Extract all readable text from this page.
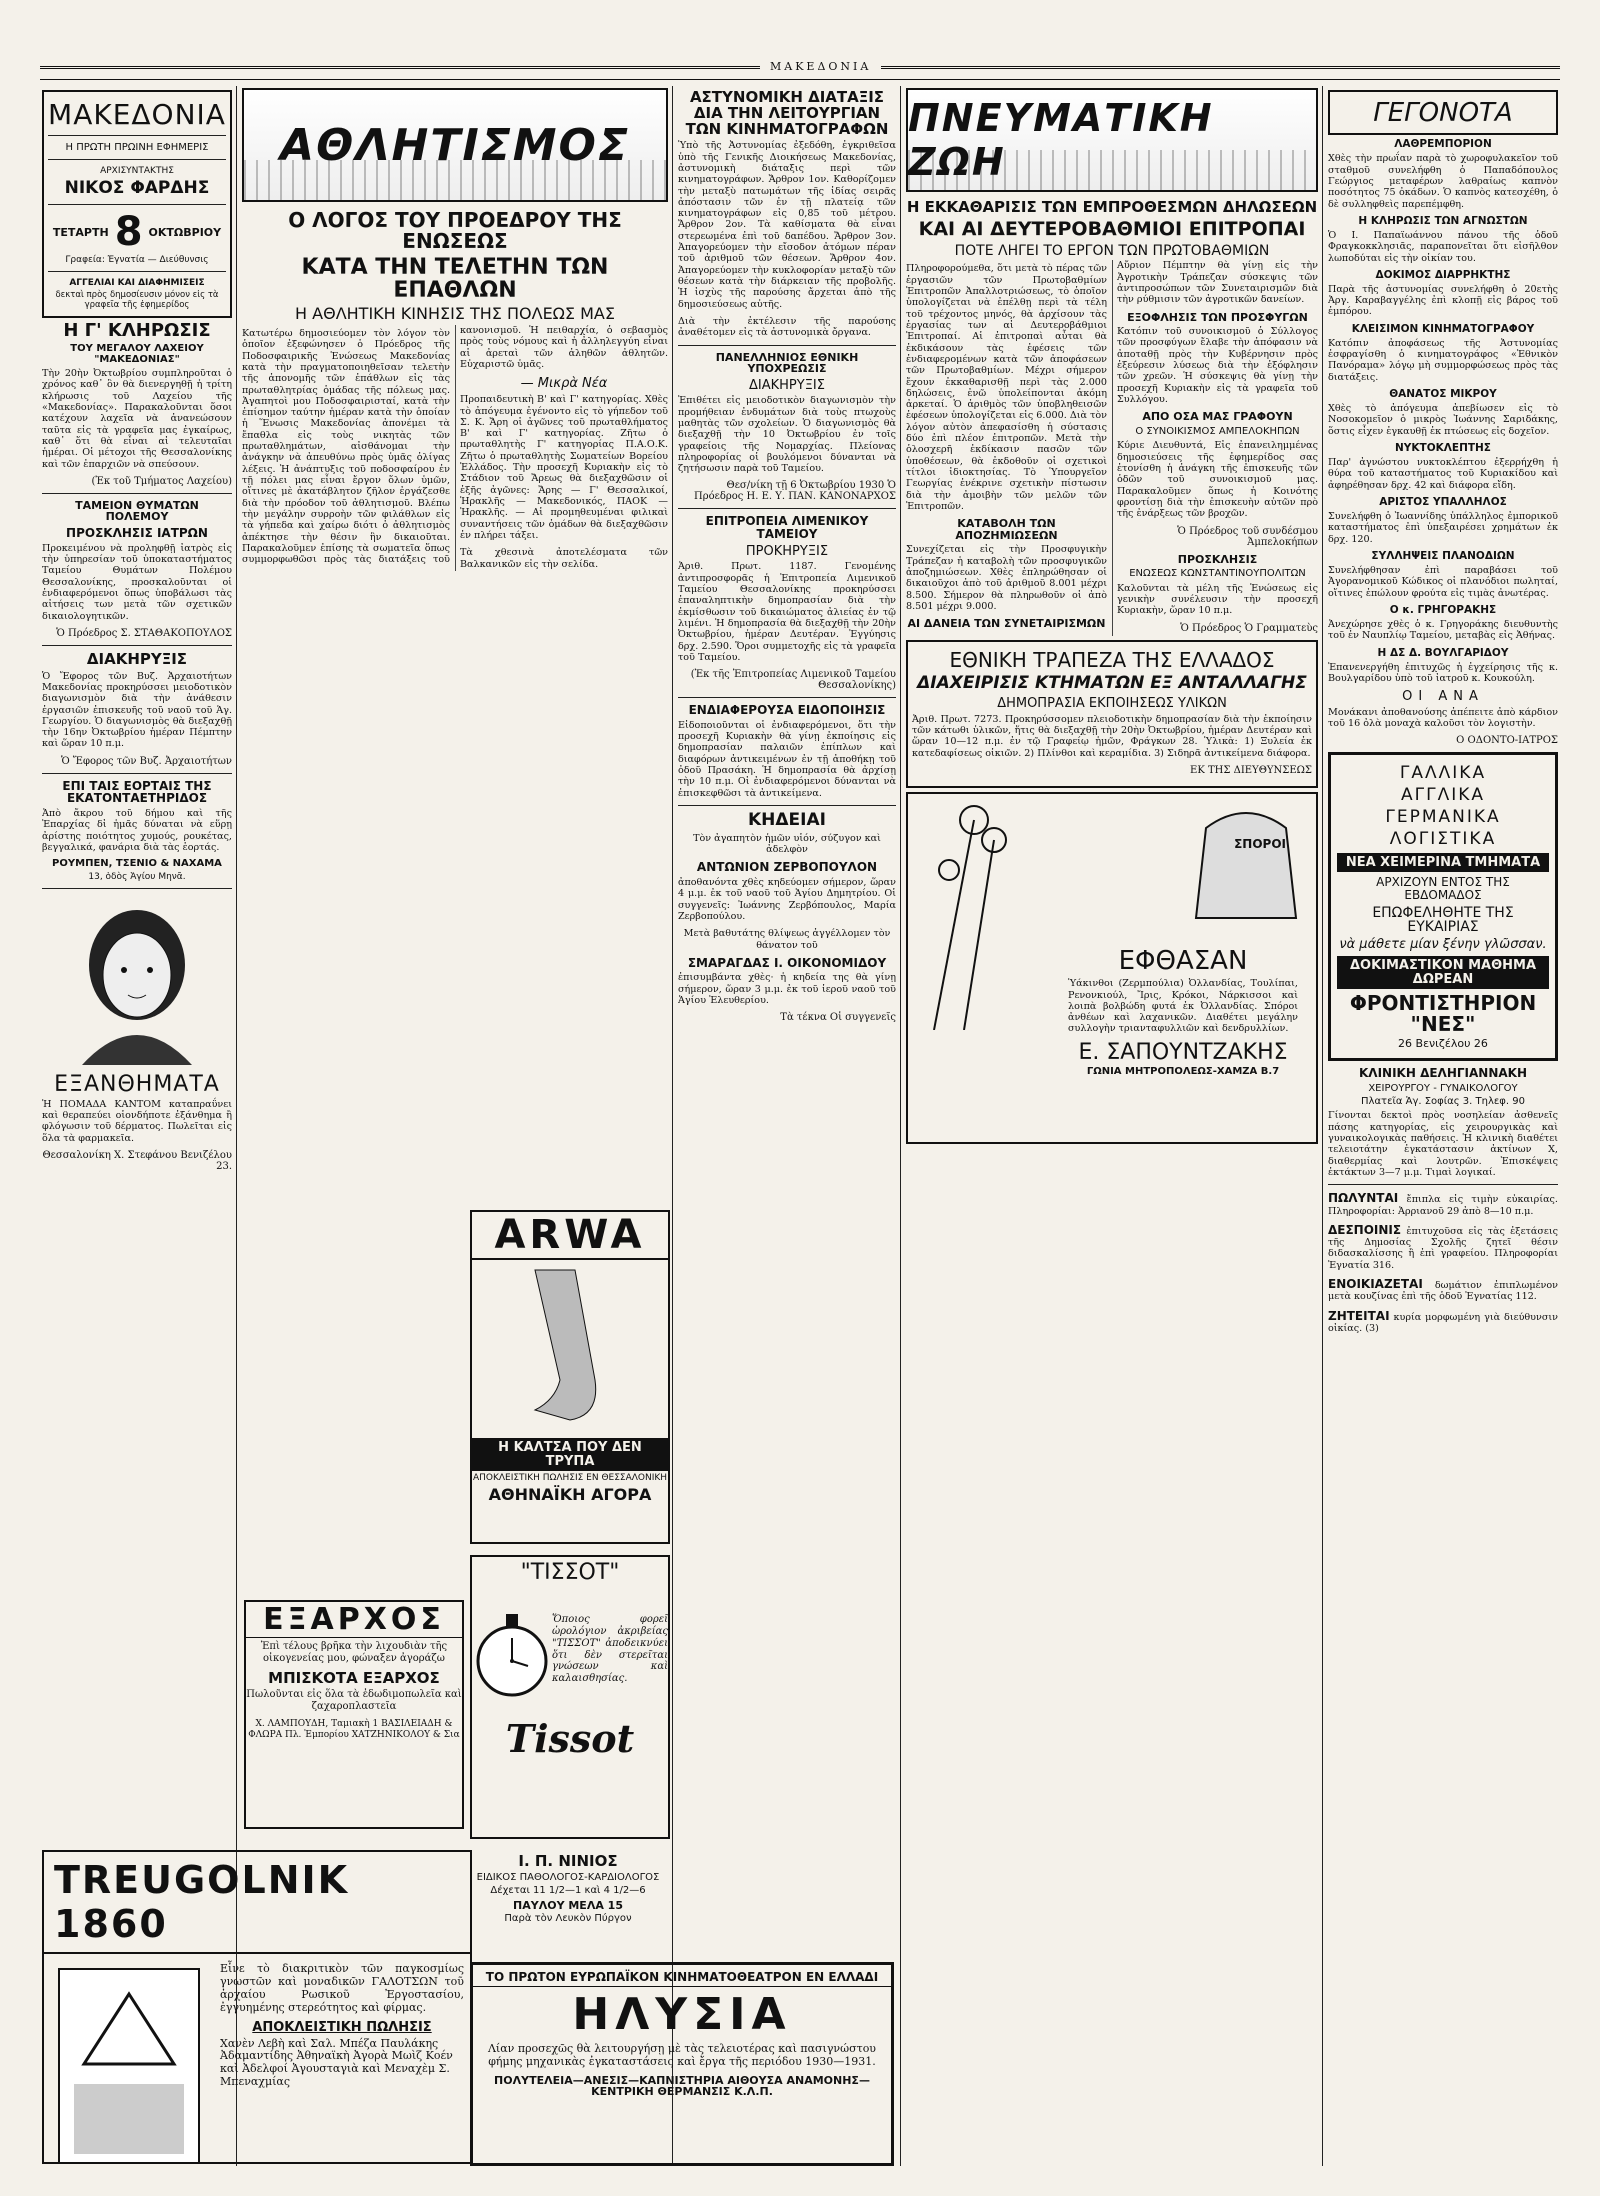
ΜΑΚΕΔΟΝΙΑ
ΜΑΚΕΔΟΝΙΑ
Η ΠΡΩΤΗ ΠΡΩΙΝΗ ΕΦΗΜΕΡΙΣ
ΑΡΧΙΣΥΝΤΑΚΤΗΣ
ΝΙΚΟΣ ΦΑΡΔΗΣ
ΤΕΤΑΡΤΗ 8 ΟΚΤΩΒΡΙΟΥ
Γραφεία: Ἐγνατία — Διεύθυνσις
ΑΓΓΕΛΙΑΙ ΚΑΙ ΔΙΑΦΗΜΙΣΕΙΣ
δεκταὶ πρὸς δημοσίευσιν μόνον εἰς τὰ γραφεῖα τῆς ἐφημερίδος
Η Γ' ΚΛΗΡΩΣΙΣ
ΤΟΥ ΜΕΓΑΛΟΥ ΛΑΧΕΙΟΥ "ΜΑΚΕΔΟΝΙΑΣ"
Τὴν 20ὴν Ὀκτωβρίου συμπληροῦται ὁ χρόνος καθ᾽ ὃν θὰ διενεργηθῇ ἡ τρίτη κλήρωσις τοῦ Λαχείου τῆς «Μακεδονίας». Παρακαλοῦνται ὅσοι κατέχουν λαχεῖα νὰ ἀνανεώσουν ταῦτα εἰς τὰ γραφεῖα μας ἐγκαίρως, καθ᾽ ὅτι θὰ εἶναι αἱ τελευταῖαι ἡμέραι. Οἱ μέτοχοι τῆς Θεσσαλονίκης καὶ τῶν ἐπαρχιῶν νὰ σπεύσουν.
(Ἐκ τοῦ Τμήματος Λαχείου)
ΤΑΜΕΙΟΝ ΘΥΜΑΤΩΝ ΠΟΛΕΜΟΥ
ΠΡΟΣΚΛΗΣΙΣ ΙΑΤΡΩΝ
Προκειμένου νὰ προληφθῇ ἰατρὸς εἰς τὴν ὑπηρεσίαν τοῦ ὑποκαταστήματος Ταμείου Θυμάτων Πολέμου Θεσσαλονίκης, προσκαλοῦνται οἱ ἐνδιαφερόμενοι ὅπως ὑποβάλωσι τὰς αἰτήσεις των μετὰ τῶν σχετικῶν δικαιολογητικῶν.
Ὁ Πρόεδρος Σ. ΣΤΑΘΑΚΟΠΟΥΛΟΣ
ΔΙΑΚΗΡΥΞΙΣ
Ὁ Ἔφορος τῶν Βυζ. Ἀρχαιοτήτων Μακεδονίας προκηρύσσει μειοδοτικὸν διαγωνισμὸν διὰ τὴν ἀνάθεσιν ἐργασιῶν ἐπισκευῆς τοῦ ναοῦ τοῦ Ἁγ. Γεωργίου. Ὁ διαγωνισμὸς θὰ διεξαχθῇ τὴν 16ην Ὀκτωβρίου ἡμέραν Πέμπτην καὶ ὥραν 10 π.μ.
Ὁ Ἔφορος τῶν Βυζ. Ἀρχαιοτήτων
ΕΠΙ ΤΑΙΣ ΕΟΡΤΑΙΣ ΤΗΣ ΕΚΑΤΟΝΤΑΕΤΗΡΙΔΟΣ
Ἀπὸ ἄκρου τοῦ δήμου καὶ τῆς Ἐπαρχίας δἰ ἡμᾶς δύναται νὰ εὕρῃ ἀρίστης ποιότητος χυμούς, ρουκέτας, βεγγαλικά, φανάρια διὰ τὰς ἑορτάς.
ΡΟΥΜΠΕΝ, ΤΣΕΝΙΟ & ΝΑΧΑΜΑ
13, ὁδὸς Ἁγίου Μηνᾶ.
ΕΞΑΝΘΗΜΑΤΑ
Ἡ ΠΟΜΑΔΑ ΚΑΝΤΟΜ καταπραΰνει καὶ θεραπεύει οἱονδήποτε ἐξάνθημα ἢ φλόγωσιν τοῦ δέρματος. Πωλεῖται εἰς ὅλα τὰ φαρμακεῖα.
Θεσσαλονίκη Χ. Στεφάνου Βενιζέλου 23.
TREUGOLNIK 1860
Εἶνε τὸ διακριτικὸν τῶν παγκοσμίως γνωστῶν καὶ μοναδικῶν ΓΑΛΟΤΣΩΝ τοῦ ἀρχαίου Ρωσικοῦ Ἐργοστασίου, ἐγγυημένης στερεότητος καὶ φίρμας.
ΑΠΟΚΛΕΙΣΤΙΚΗ ΠΩΛΗΣΙΣ
Χανὲν Λεβὴ καὶ Σαλ. Μπέζα Παυλάκης Ἀδαμαντίδης Ἀθηναϊκὴ Ἀγορὰ Μωὶζ Κοέν καὶ Ἀδελφοί Ἀγουσταγιὰ καὶ Μεναχὲμ Σ. Μπεναχμίας
ΑΘΛΗΤΙΣΜΟΣ
Ο ΛΟΓΟΣ ΤΟΥ ΠΡΟΕΔΡΟΥ ΤΗΣ ΕΝΩΣΕΩΣ
ΚΑΤΑ ΤΗΝ ΤΕΛΕΤΗΝ ΤΩΝ ΕΠΑΘΛΩΝ
Η ΑΘΛΗΤΙΚΗ ΚΙΝΗΣΙΣ ΤΗΣ ΠΟΛΕΩΣ ΜΑΣ
Κατωτέρω δημοσιεύομεν τὸν λόγον τὸν ὁποῖον ἐξεφώνησεν ὁ Πρόεδρος τῆς Ποδοσφαιρικῆς Ἑνώσεως Μακεδονίας κατὰ τὴν πραγματοποιηθεῖσαν τελετὴν τῆς ἀπονομῆς τῶν ἐπάθλων εἰς τὰς πρωταθλητρίας ὁμάδας τῆς πόλεως μας. Ἀγαπητοὶ μου Ποδοσφαιρισταί, κατὰ τὴν ἐπίσημον ταύτην ἡμέραν κατὰ τὴν ὁποίαν ἡ Ἕνωσις Μακεδονίας ἀπονέμει τὰ ἔπαθλα εἰς τοὺς νικητὰς τῶν πρωταθλημάτων, αἰσθάνομαι τὴν ἀνάγκην νὰ ἀπευθύνω πρὸς ὑμᾶς ὀλίγας λέξεις. Ἡ ἀνάπτυξις τοῦ ποδοσφαίρου ἐν τῇ πόλει μας εἶναι ἔργον ὅλων ὑμῶν, οἵτινες μὲ ἀκατάβλητον ζῆλον ἐργάζεσθε διὰ τὴν πρόοδον τοῦ ἀθλητισμοῦ. Βλέπω τὴν μεγάλην συρροὴν τῶν φιλάθλων εἰς τὰ γήπεδα καὶ χαίρω διότι ὁ ἀθλητισμὸς ἀπέκτησε τὴν θέσιν ἣν δικαιοῦται. Παρακαλοῦμεν ἐπίσης τὰ σωματεῖα ὅπως συμμορφωθῶσι πρὸς τὰς διατάξεις τοῦ κανονισμοῦ. Ἡ πειθαρχία, ὁ σεβασμὸς πρὸς τοὺς νόμους καὶ ἡ ἀλληλεγγύη εἶναι αἱ ἀρεταὶ τῶν ἀληθῶν ἀθλητῶν. Εὐχαριστῶ ὑμᾶς.
— Μικρὰ Νέα
Προπαιδευτικὴ Β' καὶ Γ' κατηγορίας. Χθὲς τὸ ἀπόγευμα ἐγένοντο εἰς τὸ γήπεδον τοῦ Σ. Κ. Ἄρη οἱ ἀγῶνες τοῦ πρωταθλήματος Β' καὶ Γ' κατηγορίας. Ζῆτω ὁ πρωταθλητὴς Γ' κατηγορίας Π.Α.Ο.Κ. Ζῆτω ὁ πρωταθλητὴς Σωματείων Βορείου Ἑλλάδος. Τὴν προσεχῆ Κυριακὴν εἰς τὸ Στάδιον τοῦ Ἄρεως θὰ διεξαχθῶσιν οἱ ἑξῆς ἀγῶνες: Ἄρης — Γ' Θεσσαλικοί, Ἡρακλῆς — Μακεδονικός, ΠΑΟΚ — Ἠρακλῆς. — Αἱ προμηθευμέναι φιλικαὶ συναντήσεις τῶν ὁμάδων θὰ διεξαχθῶσιν ἐν πλήρει τάξει.
Τὰ χθεσινὰ ἀποτελέσματα τῶν Βαλκανικῶν εἰς τὴν σελίδα.
ARWA
Η ΚΑΛΤΣΑ ΠΟΥ ΔΕΝ ΤΡΥΠΑ
ΑΠΟΚΛΕΙΣΤΙΚΗ ΠΩΛΗΣΙΣ ΕΝ ΘΕΣΣΑΛΟΝΙΚΗ
ΑΘΗΝΑΪΚΗ ΑΓΟΡΑ
ΕΞΑΡΧΟΣ
Ἐπὶ τέλους βρῆκα τὴν λιχουδιὰν τῆς οἰκογενείας μου, φώναξεν ἀγοράζω
ΜΠΙΣΚΟΤΑ ΕΞΑΡΧΟΣ
Πωλοῦνται εἰς ὅλα τὰ ἐδωδιμοπωλεῖα καὶ ζαχαροπλαστεῖα
Χ. ΛΑΜΠΟΥΔΗ, Ταμιακὴ 1 ΒΑΣΙΛΕΙΑΔΗ & ΦΛΩΡΑ Πλ. Ἐμπορίου ΧΑΤΖΗΝΙΚΟΛΟΥ & Σια
"ΤΙΣΣΟΤ"
Ὅποιος φορεῖ ὡρολόγιον ἀκριβείας "ΤΙΣΣΟΤ" ἀποδεικνύει ὅτι δὲν στερεῖται γνώσεων καὶ καλαισθησίας.
Tissot
Ι. Π. ΝΙΝΙΟΣ
ΕΙΔΙΚΟΣ ΠΑΘΟΛΟΓΟΣ-ΚΑΡΔΙΟΛΟΓΟΣ
Δέχεται 11 1/2—1 καὶ 4 1/2—6
ΠΑΥΛΟΥ ΜΕΛΑ 15
Παρὰ τὸν Λευκὸν Πύργον
ΤΟ ΠΡΩΤΟΝ ΕΥΡΩΠΑΪΚΟΝ ΚΙΝΗΜΑΤΟΘΕΑΤΡΟΝ ΕΝ ΕΛΛΑΔΙ
ΗΛΥΣΙΑ
Λίαν προσεχῶς θὰ λειτουργήσῃ μὲ τὰς τελειοτέρας καὶ πασιγνώστου φήμης μηχανικὰς ἐγκαταστάσεις καὶ ἔργα τῆς περιόδου 1930—1931.
ΠΟΛΥΤΕΛΕΙΑ—ΑΝΕΣΙΣ—ΚΑΠΝΙΣΤΗΡΙΑ ΑΙΘΟΥΣΑ ΑΝΑΜΟΝΗΣ—ΚΕΝΤΡΙΚΗ ΘΕΡΜΑΝΣΙΣ Κ.Λ.Π.
ΑΣΤΥΝΟΜΙΚΗ ΔΙΑΤΑΞΙΣ ΔΙΑ ΤΗΝ ΛΕΙΤΟΥΡΓΙΑΝ ΤΩΝ ΚΙΝΗΜΑΤΟΓΡΑΦΩΝ
Ὑπὸ τῆς Ἀστυνομίας ἐξεδόθη, ἐγκριθεῖσα ὑπὸ τῆς Γενικῆς Διοικήσεως Μακεδονίας, ἀστυνομικὴ διάταξις περὶ τῶν κινηματογράφων. Ἄρθρον 1ον. Καθορίζομεν τὴν μεταξὺ πατωμάτων τῆς ἰδίας σειρᾶς ἀπόστασιν τῶν ἐν τῇ πλατείᾳ τῶν κινηματογράφων εἰς 0,85 τοῦ μέτρου. Ἄρθρον 2ον. Τὰ καθίσματα θὰ εἶναι στερεωμένα ἐπὶ τοῦ δαπέδου. Ἄρθρον 3ον. Ἀπαγορεύομεν τὴν εἴσοδον ἀτόμων πέραν τοῦ ἀριθμοῦ τῶν θέσεων. Ἄρθρον 4ον. Ἀπαγορεύομεν τὴν κυκλοφορίαν μεταξὺ τῶν θέσεων κατὰ τὴν διάρκειαν τῆς προβολῆς. Ἡ ἰσχὺς τῆς παρούσης ἄρχεται ἀπὸ τῆς δημοσιεύσεως αὐτῆς.
Διὰ τὴν ἐκτέλεσιν τῆς παρούσης ἀναθέτομεν εἰς τὰ ἀστυνομικὰ ὄργανα.
ΠΑΝΕΛΛΗΝΙΟΣ ΕΘΝΙΚΗ ΥΠΟΧΡΕΩΣΙΣ
ΔΙΑΚΗΡΥΞΙΣ
Ἐπιθέτει εἰς μειοδοτικὸν διαγωνισμὸν τὴν προμήθειαν ἐνδυμάτων διὰ τοὺς πτωχοὺς μαθητὰς τῶν σχολείων. Ὁ διαγωνισμὸς θὰ διεξαχθῇ τὴν 10 Ὀκτωβρίου ἐν τοῖς γραφείοις τῆς Νομαρχίας. Πλείονας πληροφορίας οἱ βουλόμενοι δύνανται νὰ ζητήσωσιν παρὰ τοῦ Ταμείου.
Θεσ/νίκη τῇ 6 Ὀκτωβρίου 1930 Ὁ Πρόεδρος Η. Ε. Υ. ΠΑΝ. ΚΑΝΟΝΑΡΧΟΣ
ΕΠΙΤΡΟΠΕΙΑ ΛΙΜΕΝΙΚΟΥ ΤΑΜΕΙΟΥ
ΠΡΟΚΗΡΥΞΙΣ
Ἀριθ. Πρωτ. 1187. Γενομένης ἀντιπροσφορᾶς ἡ Ἐπιτροπεία Λιμενικοῦ Ταμείου Θεσσαλονίκης προκηρύσσει ἐπαναληπτικὴν δημοπρασίαν διὰ τὴν ἐκμίσθωσιν τοῦ δικαιώματος ἀλιείας ἐν τῷ λιμένι. Ἡ δημοπρασία θὰ διεξαχθῇ τὴν 20ὴν Ὀκτωβρίου, ἡμέραν Δευτέραν. Ἐγγύησις δρχ. 2.590. Ὅροι συμμετοχῆς εἰς τὰ γραφεῖα τοῦ Ταμείου.
(Ἐκ τῆς Ἐπιτροπείας Λιμενικοῦ Ταμείου Θεσσαλονίκης)
ΕΝΔΙΑΦΕΡΟΥΣΑ ΕΙΔΟΠΟΙΗΣΙΣ
Εἰδοποιοῦνται οἱ ἐνδιαφερόμενοι, ὅτι τὴν προσεχῆ Κυριακὴν θὰ γίνῃ ἐκποίησις εἰς δημοπρασίαν παλαιῶν ἐπίπλων καὶ διαφόρων ἀντικειμένων ἐν τῇ ἀποθήκῃ τοῦ ὀδοῦ Πρασάκη. Ἡ δημοπρασία θὰ ἀρχίσῃ τὴν 10 π.μ. Οἱ ἐνδιαφερόμενοι δύνανται νὰ ἐπισκεφθῶσι τὰ ἀντικείμενα.
ΚΗΔΕΙΑΙ
Τὸν ἀγαπητὸν ἡμῶν υἱόν, σύζυγον καὶ ἀδελφὸν
ΑΝΤΩΝΙΟΝ ΖΕΡΒΟΠΟΥΛΟΝ
ἀποθανόντα χθὲς κηδεύομεν σήμερον, ὥραν 4 μ.μ. ἐκ τοῦ ναοῦ τοῦ Ἁγίου Δημητρίου. Οἱ συγγενεῖς: Ἰωάννης Ζερβόπουλος, Μαρία Ζερβοπούλου.
Μετὰ βαθυτάτης θλίψεως ἀγγέλλομεν τὸν θάνατον τοῦ
ΣΜΑΡΑΓΔΑΣ Ι. ΟΙΚΟΝΟΜΙΔΟΥ
ἐπισυμβάντα χθὲς· ἡ κηδεία της θὰ γίνῃ σήμερον, ὥραν 3 μ.μ. ἐκ τοῦ ἱεροῦ ναοῦ τοῦ Ἁγίου Ἐλευθερίου.
Τὰ τέκνα Οἱ συγγενεῖς
ΠΝΕΥΜΑΤΙΚΗ ΖΩΗ
Η ΕΚΚΑΘΑΡΙΣΙΣ ΤΩΝ ΕΜΠΡΟΘΕΣΜΩΝ ΔΗΛΩΣΕΩΝ
ΚΑΙ ΑΙ ΔΕΥΤΕΡΟΒΑΘΜΙΟΙ ΕΠΙΤΡΟΠΑΙ
ΠΟΤΕ ΛΗΓΕΙ ΤΟ ΕΡΓΟΝ ΤΩΝ ΠΡΩΤΟΒΑΘΜΙΩΝ
Πληροφορούμεθα, ὅτι μετὰ τὸ πέρας τῶν ἐργασιῶν τῶν Πρωτοβαθμίων Ἐπιτροπῶν Ἀπαλλοτριώσεως, τὸ ὁποῖον ὑπολογίζεται νὰ ἐπέλθῃ περὶ τὰ τέλη τοῦ τρέχοντος μηνός, θὰ ἀρχίσουν τὰς ἐργασίας των αἱ Δευτεροβάθμιοι Ἐπιτροπαί. Αἱ ἐπιτροπαὶ αὗται θὰ ἐκδικάσουν τὰς ἐφέσεις τῶν ἐνδιαφερομένων κατὰ τῶν ἀποφάσεων τῶν Πρωτοβαθμίων. Μέχρι σήμερον ἔχουν ἐκκαθαρισθῇ περὶ τὰς 2.000 δηλώσεις, ἐνῶ ὑπολείπονται ἀκόμη ἀρκεταί. Ὁ ἀριθμὸς τῶν ὑποβληθεισῶν ἐφέσεων ὑπολογίζεται εἰς 6.000. Διὰ τὸν λόγον αὐτὸν ἀπεφασίσθη ἡ σύστασις δύο ἐπὶ πλέον ἐπιτροπῶν. Μετὰ τὴν ὁλοσχερῆ ἐκδίκασιν πασῶν τῶν ὑποθέσεων, θὰ ἐκδοθοῦν οἱ σχετικοὶ τίτλοι ἰδιοκτησίας. Τὸ Ὑπουργεῖον Γεωργίας ἐνέκρινε σχετικὴν πίστωσιν διὰ τὴν ἀμοιβὴν τῶν μελῶν τῶν Ἐπιτροπῶν.
ΚΑΤΑΒΟΛΗ ΤΩΝ ΑΠΟΖΗΜΙΩΣΕΩΝ
Συνεχίζεται εἰς τὴν Προσφυγικὴν Τράπεζαν ἡ καταβολὴ τῶν προσφυγικῶν ἀποζημιώσεων. Χθὲς ἐπληρώθησαν οἱ δικαιοῦχοι ἀπὸ τοῦ ἀριθμοῦ 8.001 μέχρι 8.500. Σήμερον θὰ πληρωθοῦν οἱ ἀπὸ 8.501 μέχρι 9.000.
ΑΙ ΔΑΝΕΙΑ ΤΩΝ ΣΥΝΕΤΑΙΡΙΣΜΩΝ
Αὔριον Πέμπτην θὰ γίνῃ εἰς τὴν Ἀγροτικὴν Τράπεζαν σύσκεψις τῶν ἀντιπροσώπων τῶν Συνεταιρισμῶν διὰ τὴν ρύθμισιν τῶν ἀγροτικῶν δανείων.
ΕΞΟΦΛΗΣΙΣ ΤΩΝ ΠΡΟΣΦΥΓΩΝ
Κατόπιν τοῦ συνοικισμοῦ ὁ Σύλλογος τῶν προσφύγων ἔλαβε τὴν ἀπόφασιν νὰ ἀποταθῇ πρὸς τὴν Κυβέρνησιν πρὸς ἐξεύρεσιν λύσεως διὰ τὴν ἐξόφλησιν τῶν χρεῶν. Ἡ σύσκεψις θὰ γίνῃ τὴν προσεχῆ Κυριακὴν εἰς τὰ γραφεῖα τοῦ Συλλόγου.
ΑΠΟ ΟΣΑ ΜΑΣ ΓΡΑΦΟΥΝ
Ο ΣΥΝΟΙΚΙΣΜΟΣ ΑΜΠΕΛΟΚΗΠΩΝ
Κύριε Διευθυντά, Εἰς ἐπανειλημμένας δημοσιεύσεις τῆς ἐφημερίδος σας ἐτονίσθη ἡ ἀνάγκη τῆς ἐπισκευῆς τῶν ὁδῶν τοῦ συνοικισμοῦ μας. Παρακαλοῦμεν ὅπως ἡ Κοινότης φροντίσῃ διὰ τὴν ἐπισκευὴν αὐτῶν πρὸ τῆς ἐνάρξεως τῶν βροχῶν.
Ὁ Πρόεδρος τοῦ συνδέσμου Ἀμπελοκήπων
ΠΡΟΣΚΛΗΣΙΣ
ΕΝΩΣΕΩΣ ΚΩΝΣΤΑΝΤΙΝΟΥΠΟΛΙΤΩΝ
Καλοῦνται τὰ μέλη τῆς Ἑνώσεως εἰς γενικὴν συνέλευσιν τὴν προσεχῆ Κυριακὴν, ὥραν 10 π.μ.
Ὁ Πρόεδρος Ὁ Γραμματεὺς
ΕΘΝΙΚΗ ΤΡΑΠΕΖΑ ΤΗΣ ΕΛΛΑΔΟΣ
ΔΙΑΧΕΙΡΙΣΙΣ ΚΤΗΜΑΤΩΝ ΕΞ ΑΝΤΑΛΛΑΓΗΣ
ΔΗΜΟΠΡΑΣΙΑ ΕΚΠΟΙΗΣΕΩΣ ΥΛΙΚΩΝ
Ἀριθ. Πρωτ. 7273. Προκηρύσσομεν πλειοδοτικὴν δημοπρασίαν διὰ τὴν ἐκποίησιν τῶν κάτωθι ὑλικῶν, ἥτις θὰ διεξαχθῇ τὴν 20ὴν Ὀκτωβρίου, ἡμέραν Δευτέραν καὶ ὥραν 10—12 π.μ. ἐν τῷ Γραφείῳ ἡμῶν, Φράγκων 28. Ὑλικὰ: 1) Ξυλεία ἐκ κατεδαφίσεως οἰκιῶν. 2) Πλίνθοι καὶ κεραμίδια. 3) Σιδηρᾶ ἀντικείμενα διάφορα.
ΕΚ ΤΗΣ ΔΙΕΥΘΥΝΣΕΩΣ
ΣΠΟΡΟΙ
ΕΦΘΑΣΑΝ
Ὑάκινθοι (Ζερμπούλια) Ὀλλανδίας, Τουλίπαι, Ρενονκιούλ, Ἴρις, Κρόκοι, Νάρκισσοι καὶ λοιπὰ βολβώδη φυτά ἐκ Ὀλλανδίας. Σπόροι ἀνθέων καὶ λαχανικῶν. Διαθέτει μεγάλην συλλογὴν τριανταφυλλιῶν καὶ δενδρυλλίων.
Ε. ΣΑΠΟΥΝΤΖΑΚΗΣ
ΓΩΝΙΑ ΜΗΤΡΟΠΟΛΕΩΣ-ΧΑΜΖΑ Β.7
ΓΕΓΟΝΟΤΑ
ΛΑΘΡΕΜΠΟΡΙΟΝ
Χθὲς τὴν πρωΐαν παρὰ τὸ χωροφυλακεῖον τοῦ σταθμοῦ συνελήφθη ὁ Παπαδόπουλος Γεώργιος μεταφέρων λαθραίως καπνὸν ποσότητος 75 ὀκάδων. Ὁ καπνὸς κατεσχέθη, ὁ δὲ συλληφθεὶς παρεπέμφθη.
Η ΚΛΗΡΩΣΙΣ ΤΩΝ ΑΓΝΩΣΤΩΝ
Ὁ Ι. Παπαϊωάννου πάνου τῆς ὁδοῦ Φραγκοκκλησιᾶς, παραπονεῖται ὅτι εἰσῆλθον λωποδύται εἰς τὴν οἰκίαν του.
ΔΟΚΙΜΟΣ ΔΙΑΡΡΗΚΤΗΣ
Παρὰ τῆς ἀστυνομίας συνελήφθη ὁ 20ετὴς Ἀργ. Καραβαγγέλης ἐπὶ κλοπῇ εἰς βάρος τοῦ ἐμπόρου.
ΚΛΕΙΣΙΜΟΝ ΚΙΝΗΜΑΤΟΓΡΑΦΟΥ
Κατόπιν ἀποφάσεως τῆς Ἀστυνομίας ἐσφραγίσθη ὁ κινηματογράφος «Ἐθνικὸν Πανόραμα» λόγῳ μὴ συμμορφώσεως πρὸς τὰς διατάξεις.
ΘΑΝΑΤΟΣ ΜΙΚΡΟΥ
Χθὲς τὸ ἀπόγευμα ἀπεβίωσεν εἰς τὸ Νοσοκομεῖον ὁ μικρὸς Ἰωάννης Σαριδάκης, ὅστις εἶχεν ἐγκαυθῇ ἐκ πτώσεως εἰς δοχεῖον.
ΝΥΚΤΟΚΛΕΠΤΗΣ
Παρ' ἀγνώστου νυκτοκλέπτου ἐξερρήχθη ἡ θύρα τοῦ καταστήματος τοῦ Κυριακίδου καὶ ἀφηρέθησαν δρχ. 42 καὶ διάφορα εἴδη.
ΑΡΙΣΤΟΣ ΥΠΑΛΛΗΛΟΣ
Συνελήφθη ὁ Ἰωαννίδης ὑπάλληλος ἐμπορικοῦ καταστήματος ἐπὶ ὑπεξαιρέσει χρημάτων ἐκ δρχ. 120.
ΣΥΛΛΗΨΕΙΣ ΠΛΑΝΟΔΙΩΝ
Συνελήφθησαν ἐπὶ παραβάσει τοῦ Ἀγορανομικοῦ Κώδικος οἱ πλανόδιοι πωληταί, οἵτινες ἐπώλουν φρούτα εἰς τιμὰς ἀνωτέρας.
Ο κ. ΓΡΗΓΟΡΑΚΗΣ
Ἀνεχώρησε χθὲς ὁ κ. Γρηγοράκης διευθυντὴς τοῦ ἐν Ναυπλίῳ Ταμείου, μεταβὰς εἰς Ἀθήνας.
Η ΔΣ Δ. ΒΟΥΛΓΑΡΙΔΟΥ
Ἐπανενεργήθη ἐπιτυχῶς ἡ ἐγχείρησις τῆς κ. Βουλγαρίδου ὑπὸ τοῦ ἰατροῦ κ. Κουκούλη.
ΟΙ ΑΝΑ
Μονάκανι ἀποθανούσης ἀπέπειτε ἀπὸ κάρδιον τοῦ 16 ὀλὰ μοναχὰ καλοῦσι τὸν λογιστὴν.
Ο ΟΔΟΝΤΟ-ΙΑΤΡΟΣ
ΓΑΛΛΙΚΑ
ΑΓΓΛΙΚΑ
ΓΕΡΜΑΝΙΚΑ
ΛΟΓΙΣΤΙΚΑ
ΝΕΑ ΧΕΙΜΕΡΙΝΑ ΤΜΗΜΑΤΑ
ΑΡΧΙΖΟΥΝ ΕΝΤΟΣ ΤΗΣ ΕΒΔΟΜΑΔΟΣ
ΕΠΩΦΕΛΗΘΗΤΕ ΤΗΣ ΕΥΚΑΙΡΙΑΣ
νὰ μάθετε μίαν ξένην γλῶσσαν.
ΔΟΚΙΜΑΣΤΙΚΟΝ ΜΑΘΗΜΑ ΔΩΡΕΑΝ
ΦΡΟΝΤΙΣΤΗΡΙΟΝ "ΝΕΣ"
26 Βενιζέλου 26
ΚΛΙΝΙΚΗ ΔΕΛΗΓΙΑΝΝΑΚΗ
ΧΕΙΡΟΥΡΓΟΥ - ΓΥΝΑΙΚΟΛΟΓΟΥ
Πλατεῖα Ἁγ. Σοφίας 3. Τηλεφ. 90
Γίνονται δεκτοὶ πρὸς νοσηλείαν ἀσθενεῖς πάσης κατηγορίας, εἰς χειρουργικὰς καὶ γυναικολογικὰς παθήσεις. Ἡ κλινικὴ διαθέτει τελειοτάτην ἐγκατάστασιν ἀκτίνων Χ, διαθερμίας καὶ λουτρῶν. Ἐπισκέψεις ἐκτάκτων 3—7 μ.μ. Τιμαὶ λογικαί.
ΠΩΛΥΝΤΑΙ ἔπιπλα εἰς τιμὴν εὐκαιρίας. Πληροφορίαι: Ἀρριανοῦ 29 ἀπὸ 8—10 π.μ.
ΔΕΣΠΟΙΝΙΣ ἐπιτυχοῦσα εἰς τὰς ἐξετάσεις τῆς Δημοσίας Σχολῆς ζητεῖ θέσιν διδασκαλίσσης ἢ ἐπὶ γραφείου. Πληροφορίαι Ἐγνατία 316.
ΕΝΟΙΚΙΑΖΕΤΑΙ δωμάτιον ἐπιπλωμένον μετὰ κουζίνας ἐπὶ τῆς ὁδοῦ Ἐγνατίας 112.
ΖΗΤΕΙΤΑΙ κυρία μορφωμένη γιὰ διεύθυνσιν οἰκίας. (3)
